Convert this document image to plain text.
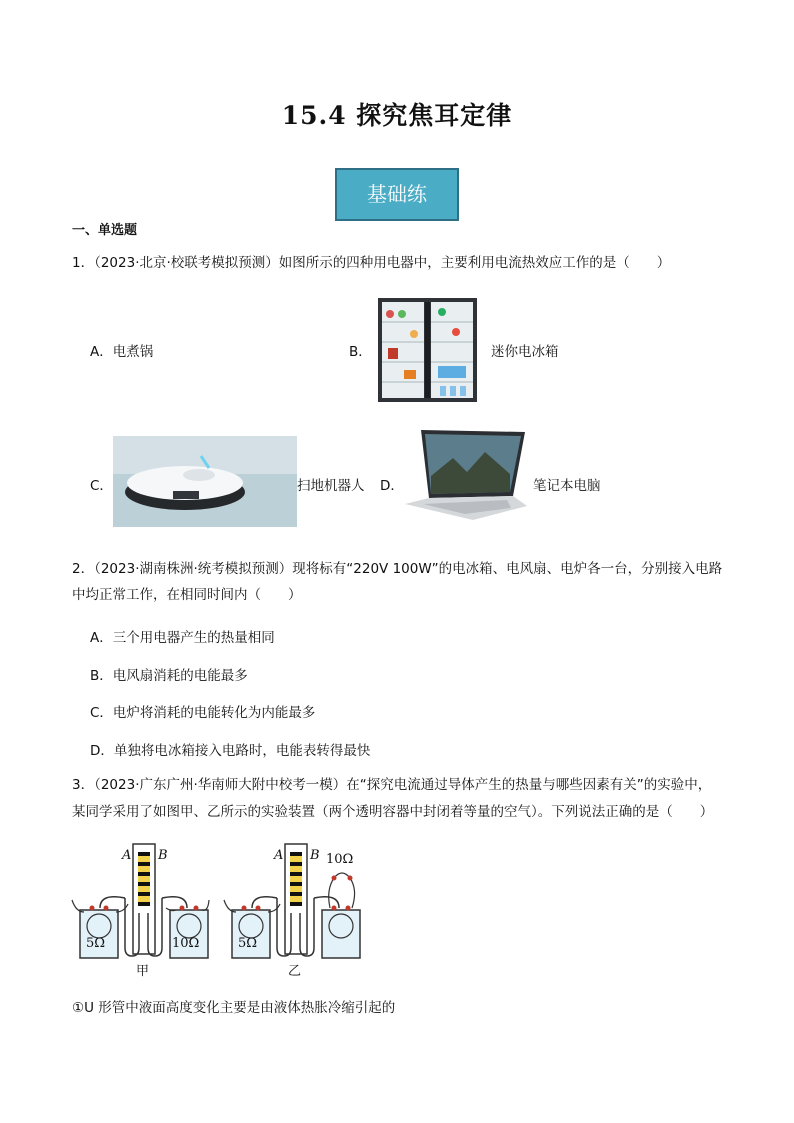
15.4 探究焦耳定律
基础练
一、单选题
1．（2023·北京·校联考模拟预测）如图所示的四种用电器中，主要利用电流热效应工作的是（　　）
A．电煮锅	B．	迷你电冰箱
C．	扫地机器人 D．	笔记本电脑
2．（2023·湖南株洲·统考模拟预测）现将标有“220V 100W”的电冰箱、电风扇、电炉各一台，分别接入电路
中均正常工作，在相同时间内（　　）
A．三个用电器产生的热量相同
B．电风扇消耗的电能最多
C．电炉将消耗的电能转化为内能最多
D．单独将电冰箱接入电路时，电能表转得最快
3．（2023·广东广州·华南师大附中校考一模）在“探究电流通过导体产生的热量与哪些因素有关”的实验中，
某同学采用了如图甲、乙所示的实验装置（两个透明容器中封闭着等量的空气）。下列说法正确的是（　　）
A B
5Ω	10Ω
甲
A B 10Ω
5Ω
乙
①U 形管中液面高度变化主要是由液体热胀冷缩引起的
